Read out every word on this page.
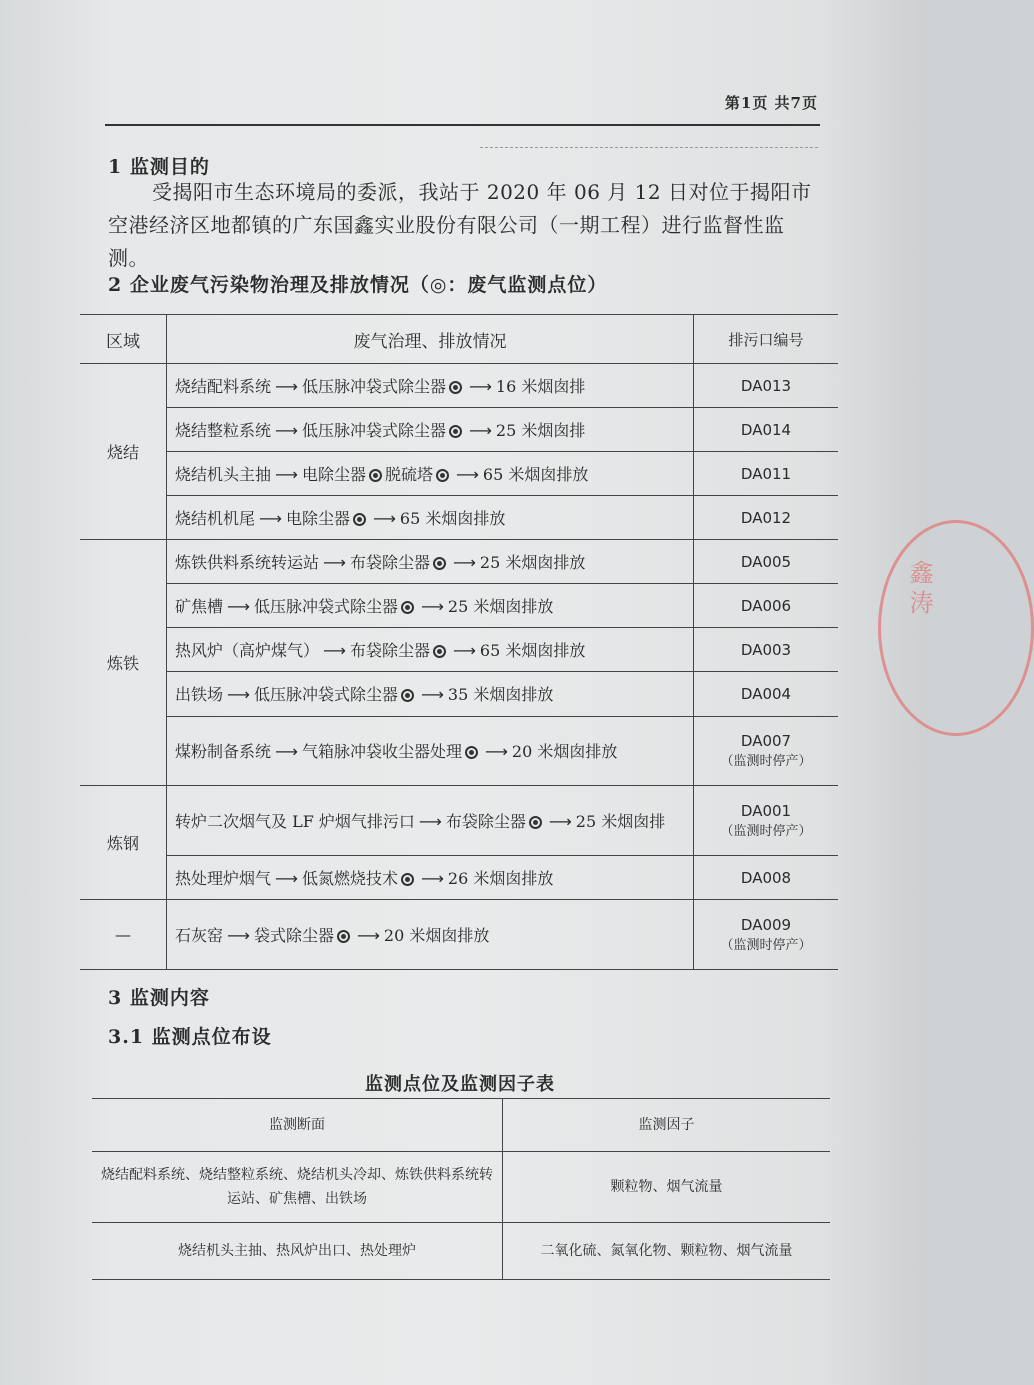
第1页 共7页
1 监测目的
受揭阳市生态环境局的委派，我站于 2020 年 06 月 12 日对位于揭阳市空港经济区地都镇的广东国鑫实业股份有限公司（一期工程）进行监督性监测。
2 企业废气污染物治理及排放情况（◎：废气监测点位）
区域	废气治理、排放情况	排污口编号
烧结	烧结配料系统 ⟶ 低压脉冲袋式除尘器 ⟶ 16 米烟囱排	DA013
	烧结整粒系统 ⟶ 低压脉冲袋式除尘器 ⟶ 25 米烟囱排	DA014
	烧结机头主抽 ⟶ 电除尘器 脱硫塔 ⟶ 65 米烟囱排放	DA011
	烧结机机尾 ⟶ 电除尘器 ⟶ 65 米烟囱排放	DA012
炼铁	炼铁供料系统转运站 ⟶ 布袋除尘器 ⟶ 25 米烟囱排放	DA005
	矿焦槽 ⟶ 低压脉冲袋式除尘器 ⟶ 25 米烟囱排放	DA006
	热风炉（高炉煤气） ⟶ 布袋除尘器 ⟶ 65 米烟囱排放	DA003
	出铁场 ⟶ 低压脉冲袋式除尘器 ⟶ 35 米烟囱排放	DA004
	煤粉制备系统 ⟶ 气箱脉冲袋收尘器处理 ⟶ 20 米烟囱排放	DA007
（监测时停产）

炼钢	转炉二次烟气及 LF 炉烟气排污口 ⟶ 布袋除尘器 ⟶ 25 米烟囱排	DA001
（监测时停产）

	热处理炉烟气 ⟶ 低氮燃烧技术 ⟶ 26 米烟囱排放	DA008
—	石灰窑 ⟶ 袋式除尘器 ⟶ 20 米烟囱排放	DA009
（监测时停产）
3 监测内容
3.1 监测点位布设
监测点位及监测因子表
监测断面	监测因子
烧结配料系统、烧结整粒系统、烧结机头冷却、炼铁供料系统转运站、矿焦槽、出铁场	颗粒物、烟气流量
烧结机头主抽、热风炉出口、热处理炉	二氧化硫、氮氧化物、颗粒物、烟气流量
鑫涛
